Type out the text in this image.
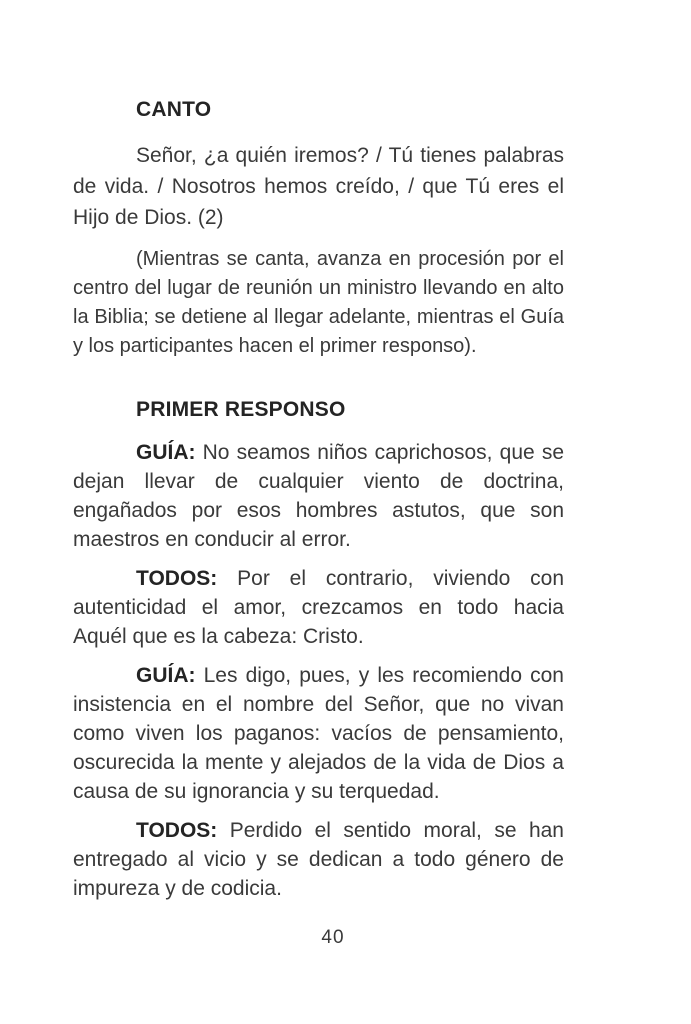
CANTO

Señor, ¿a quién iremos? / Tú tienes palabras de vida. / Nosotros hemos creído, / que Tú eres el Hijo de Dios. (2)

(Mientras se canta, avanza en procesión por el centro del lugar de reunión un ministro llevando en alto la Biblia; se detiene al llegar adelante, mientras el Guía y los participantes hacen el primer responso).

PRIMER RESPONSO

GUÍA: No seamos niños caprichosos, que se dejan llevar de cualquier viento de doctrina, engañados por esos hombres astutos, que son maestros en conducir al error.

TODOS: Por el contrario, viviendo con autenticidad el amor, crezcamos en todo hacia Aquél que es la cabeza: Cristo.

GUÍA: Les digo, pues, y les recomiendo con insistencia en el nombre del Señor, que no vivan como viven los paganos: vacíos de pensamiento, oscurecida la mente y alejados de la vida de Dios a causa de su ignorancia y su terquedad.

TODOS: Perdido el sentido moral, se han entregado al vicio y se dedican a todo género de impureza y de codicia.

40
